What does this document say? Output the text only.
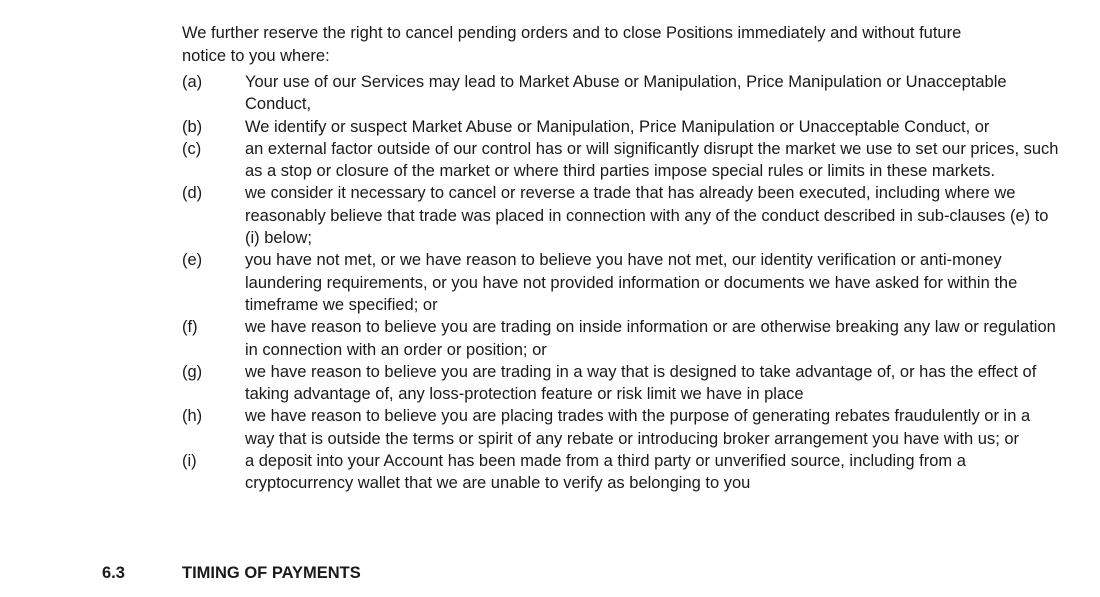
We further reserve the right to cancel pending orders and to close Positions immediately and without future notice to you where:

(a)	Your use of our Services may lead to Market Abuse or Manipulation, Price Manipulation or Unacceptable Conduct,
(b)	We identify or suspect Market Abuse or Manipulation, Price Manipulation or Unacceptable Conduct, or
(c)	an external factor outside of our control has or will significantly disrupt the market we use to set our prices, such as a stop or closure of the market or where third parties impose special rules or limits in these markets.
(d)	we consider it necessary to cancel or reverse a trade that has already been executed, including where we reasonably believe that trade was placed in connection with any of the conduct described in sub-clauses (e) to (i) below;
(e)	you have not met, or we have reason to believe you have not met, our identity verification or anti-money laundering requirements, or you have not provided information or documents we have asked for within the timeframe we specified; or
(f)	we have reason to believe you are trading on inside information or are otherwise breaking any law or regulation in connection with an order or position; or
(g)	we have reason to believe you are trading in a way that is designed to take advantage of, or has the effect of taking advantage of, any loss-protection feature or risk limit we have in place
(h)	we have reason to believe you are placing trades with the purpose of generating rebates fraudulently or in a way that is outside the terms or spirit of any rebate or introducing broker arrangement you have with us; or
(i)	a deposit into your Account has been made from a third party or unverified source, including from a cryptocurrency wallet that we are unable to verify as belonging to you
6.3	TIMING OF PAYMENTS
